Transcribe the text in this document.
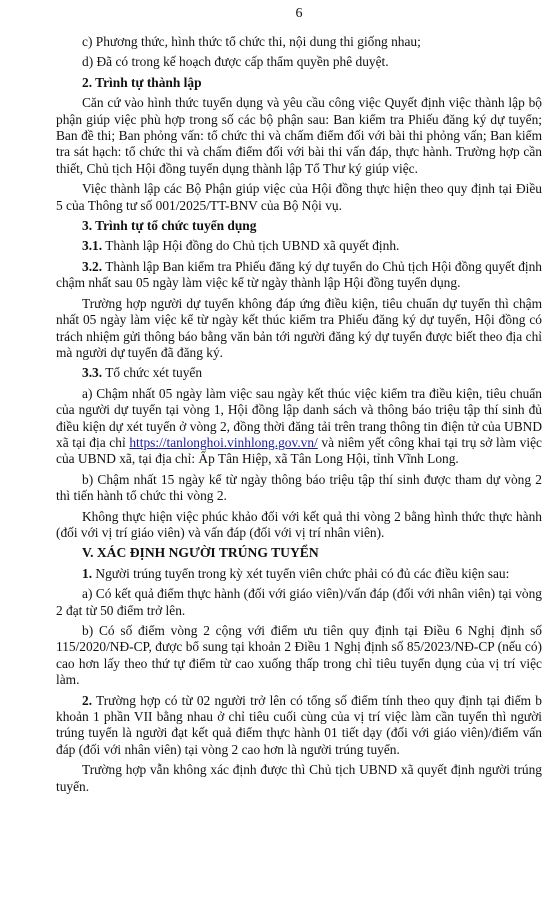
6

c) Phương thức, hình thức tổ chức thi, nội dung thi giống nhau;

d) Đã có trong kế hoạch được cấp thẩm quyền phê duyệt.

2. Trình tự thành lập

Căn cứ vào hình thức tuyển dụng và yêu cầu công việc Quyết định việc thành lập bộ phận giúp việc phù hợp trong số các bộ phận sau: Ban kiểm tra Phiếu đăng ký dự tuyển; Ban đề thi; Ban phỏng vấn: tổ chức thi và chấm điểm đối với bài thi phỏng vấn; Ban kiểm tra sát hạch: tổ chức thi và chấm điểm đối với bài thi vấn đáp, thực hành. Trường hợp cần thiết, Chủ tịch Hội đồng tuyển dụng thành lập Tổ Thư ký giúp việc.

Việc thành lập các Bộ Phận giúp việc của Hội đồng thực hiện theo quy định tại Điều 5 của Thông tư số 001/2025/TT-BNV của Bộ Nội vụ.

3. Trình tự tổ chức tuyển dụng

3.1. Thành lập Hội đồng do Chủ tịch UBND xã quyết định.

3.2. Thành lập Ban kiểm tra Phiếu đăng ký dự tuyển do Chủ tịch Hội đồng quyết định chậm nhất sau 05 ngày làm việc kể từ ngày thành lập Hội đồng tuyển dụng.

Trường hợp người dự tuyển không đáp ứng điều kiện, tiêu chuẩn dự tuyển thì chậm nhất 05 ngày làm việc kể từ ngày kết thúc kiểm tra Phiếu đăng ký dự tuyển, Hội đồng có trách nhiệm gửi thông báo bằng văn bản tới người đăng ký dự tuyển được biết theo địa chỉ mà người dự tuyển đã đăng ký.

3.3. Tổ chức xét tuyển

a) Chậm nhất 05 ngày làm việc sau ngày kết thúc việc kiểm tra điều kiện, tiêu chuẩn của người dự tuyển tại vòng 1, Hội đồng lập danh sách và thông báo triệu tập thí sinh đủ điều kiện dự xét tuyển ở vòng 2, đồng thời đăng tải trên trang thông tin điện tử của UBND xã tại địa chỉ https://tanlonghoi.vinhlong.gov.vn/ và niêm yết công khai tại trụ sở làm việc của UBND xã, tại địa chỉ: Ấp Tân Hiệp, xã Tân Long Hội, tỉnh Vĩnh Long.

b) Chậm nhất 15 ngày kể từ ngày thông báo triệu tập thí sinh được tham dự vòng 2 thì tiến hành tổ chức thi vòng 2.

Không thực hiện việc phúc khảo đối với kết quả thi vòng 2 bằng hình thức thực hành (đối với vị trí giáo viên) và vấn đáp (đối với vị trí nhân viên).

V. XÁC ĐỊNH NGƯỜI TRÚNG TUYỂN

1. Người trúng tuyển trong kỳ xét tuyển viên chức phải có đủ các điều kiện sau:

a) Có kết quả điểm thực hành (đối với giáo viên)/vấn đáp (đối với nhân viên) tại vòng 2 đạt từ 50 điểm trở lên.

b) Có số điểm vòng 2 cộng với điểm ưu tiên quy định tại Điều 6 Nghị định số 115/2020/NĐ-CP, được bổ sung tại khoản 2 Điều 1 Nghị định số 85/2023/NĐ-CP (nếu có) cao hơn lấy theo thứ tự điểm từ cao xuống thấp trong chỉ tiêu tuyển dụng của vị trí việc làm.

2. Trường hợp có từ 02 người trở lên có tổng số điểm tính theo quy định tại điểm b khoản 1 phần VII bằng nhau ở chỉ tiêu cuối cùng của vị trí việc làm cần tuyển thì người trúng tuyển là người đạt kết quả điểm thực hành 01 tiết dạy (đối với giáo viên)/điểm vấn đáp (đối với nhân viên) tại vòng 2 cao hơn là người trúng tuyển.

Trường hợp vẫn không xác định được thì Chủ tịch UBND xã quyết định người trúng tuyển.
